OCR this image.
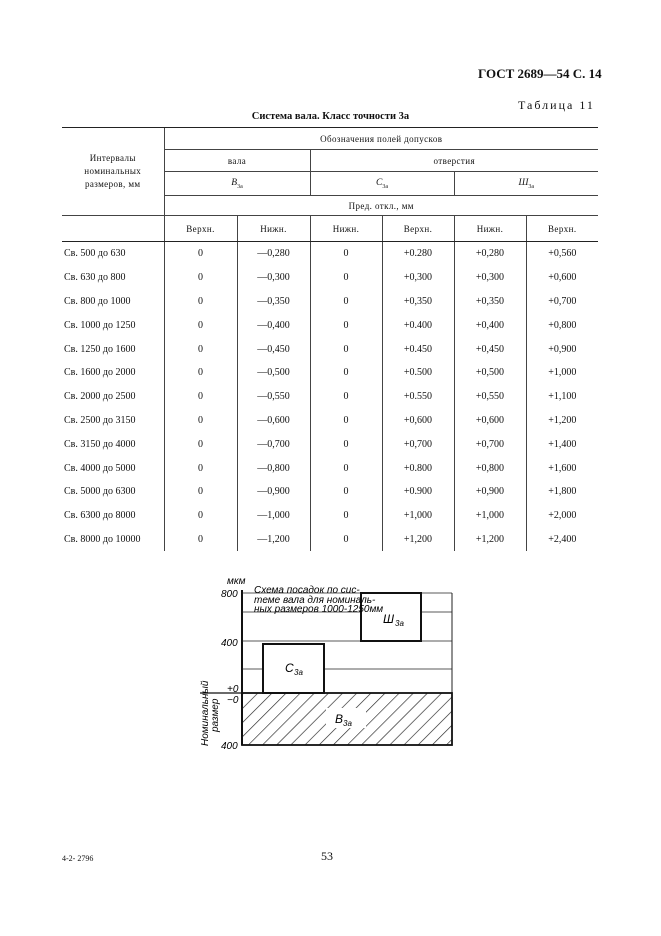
ГОСТ 2689—54 С. 14
Таблица 11
Система вала. Класс точности 3а
Интервалы номинальных размеров, мм	Обозначения полей допусков					
	вала		отверстия			
	$В_{3а}$		$С_{3а}$		$Ш_{3а}$
	Пред. откл., мм					
	Верхн.	Нижн.	Нижн.	Верхн.	Нижн.	Верхн.
Св. 500 до 630	0	—0,280	0	+0.280	+0,280	+0,560
Св. 630 до 800	0	—0,300	0	+0,300	+0,300	+0,600
Св. 800 до 1000	0	—0,350	0	+0,350	+0,350	+0,700
Св. 1000 до 1250	0	—0,400	0	+0.400	+0,400	+0,800
Св. 1250 до 1600	0	—0,450	0	+0.450	+0,450	+0,900
Св. 1600 до 2000	0	—0,500	0	+0.500	+0,500	+1,000
Св. 2000 до 2500	0	—0,550	0	+0.550	+0,550	+1,100
Св. 2500 до 3150	0	—0,600	0	+0,600	+0,600	+1,200
Св. 3150 до 4000	0	—0,700	0	+0,700	+0,700	+1,400
Св. 4000 до 5000	0	—0,800	0	+0.800	+0,800	+1,600
Св. 5000 до 6300	0	—0,900	0	+0.900	+0,900	+1,800
Св. 6300 до 8000	0	—1,000	0	+1,000	+1,000	+2,000
Св. 8000 до 10000	0	—1,200	0	+1,200	+1,200	+2,400
мкм
Схема посадок по сис-
теме вала для номиналь-
ных размеров 1000-1250мм
Ш 3а
С 3а
В 3а
800
400
+0
−0
400
Номинальный размер
4-2- 2796	53
